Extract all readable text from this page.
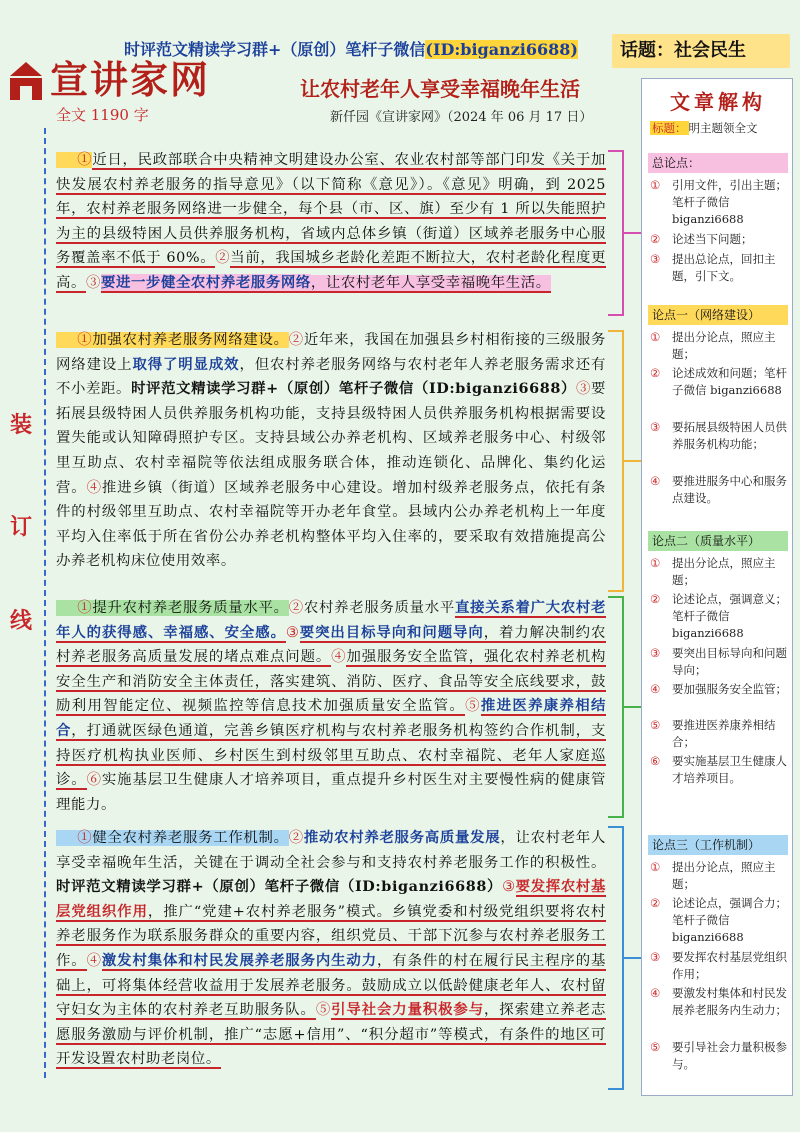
宣讲家网
时评范文精读学习群+（原创）笔杆子微信(ID:biganzi6688)	话题：社会民生
让农村老年人享受幸福晚年生活
全文 1190 字	新仟园《宣讲家网》（2024 年 06 月 17 日）
装
订
线
①近日，民政部联合中央精神文明建设办公室、农业农村部等部门印发《关于加快发展农村养老服务的指导意见》（以下简称《意见》）。《意见》明确，到 2025 年，农村养老服务网络进一步健全，每个县（市、区、旗）至少有 1 所以失能照护为主的县级特困人员供养服务机构，省域内总体乡镇（街道）区域养老服务中心服务覆盖率不低于 60%。②当前，我国城乡老龄化差距不断拉大，农村老龄化程度更高。③要进一步健全农村养老服务网络，让农村老年人享受幸福晚年生活。
①加强农村养老服务网络建设。②近年来，我国在加强县乡村相衔接的三级服务网络建设上取得了明显成效，但农村养老服务网络与农村老年人养老服务需求还有不小差距。时评范文精读学习群+（原创）笔杆子微信（ID:biganzi6688）③要拓展县级特困人员供养服务机构功能，支持县级特困人员供养服务机构根据需要设置失能或认知障碍照护专区。支持县域公办养老机构、区域养老服务中心、村级邻里互助点、农村幸福院等依法组成服务联合体，推动连锁化、品牌化、集约化运营。④推进乡镇（街道）区域养老服务中心建设。增加村级养老服务点，依托有条件的村级邻里互助点、农村幸福院等开办老年食堂。县域内公办养老机构上一年度平均入住率低于所在省份公办养老机构整体平均入住率的，要采取有效措施提高公办养老机构床位使用效率。
①提升农村养老服务质量水平。②农村养老服务质量水平直接关系着广大农村老年人的获得感、幸福感、安全感。③要突出目标导向和问题导向，着力解决制约农村养老服务高质量发展的堵点难点问题。④加强服务安全监管，强化农村养老机构安全生产和消防安全主体责任，落实建筑、消防、医疗、食品等安全底线要求，鼓励利用智能定位、视频监控等信息技术加强质量安全监管。⑤推进医养康养相结合，打通就医绿色通道，完善乡镇医疗机构与农村养老服务机构签约合作机制，支持医疗机构执业医师、乡村医生到村级邻里互助点、农村幸福院、老年人家庭巡诊。⑥实施基层卫生健康人才培养项目，重点提升乡村医生对主要慢性病的健康管理能力。
①健全农村养老服务工作机制。②推动农村养老服务高质量发展，让农村老年人享受幸福晚年生活，关键在于调动全社会参与和支持农村养老服务工作的积极性。时评范文精读学习群+（原创）笔杆子微信（ID:biganzi6688）③要发挥农村基层党组织作用，推广“党建+农村养老服务”模式。乡镇党委和村级党组织要将农村养老服务作为联系服务群众的重要内容，组织党员、干部下沉参与农村养老服务工作。④激发村集体和村民发展养老服务内生动力，有条件的村在履行民主程序的基础上，可将集体经营收益用于发展养老服务。鼓励成立以低龄健康老年人、农村留守妇女为主体的农村养老互助服务队。⑤引导社会力量积极参与，探索建立养老志愿服务激励与评价机制，推广“志愿+信用”、“积分超市”等模式，有条件的地区可开发设置农村助老岗位。
文章解构
标题： 明主题领全文
总论点：
①	引用文件，引出主题；笔杆子微信 biganzi6688
②	论述当下问题；
③	提出总论点，回扣主题，引下文。
论点一（网络建设）
①	提出分论点，照应主题；
②	论述成效和问题；笔杆子微信 biganzi6688
③	要拓展县级特困人员供养服务机构功能；
④	要推进服务中心和服务点建设。
论点二（质量水平）
①	提出分论点，照应主题；
②	论述论点，强调意义；笔杆子微信 biganzi6688
③	要突出目标导向和问题导向；
④	要加强服务安全监管；
⑤	要推进医养康养相结合；
⑥	要实施基层卫生健康人才培养项目。
论点三（工作机制）
①	提出分论点，照应主题；
②	论述论点，强调合力；笔杆子微信 biganzi6688
③	要发挥农村基层党组织作用；
④	要激发村集体和村民发展养老服务内生动力；
⑤	要引导社会力量积极参与。
